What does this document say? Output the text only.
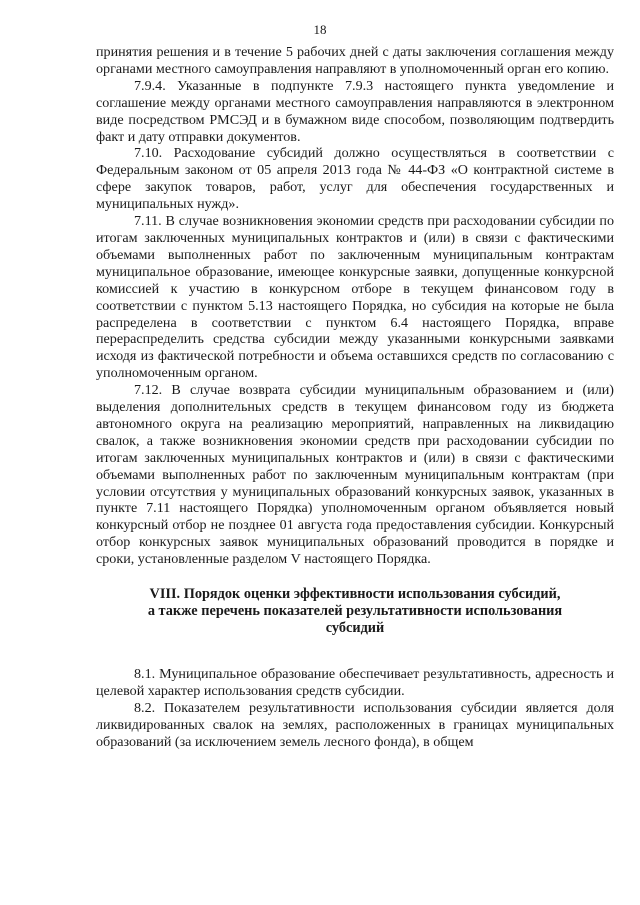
18

принятия решения и в течение 5 рабочих дней с даты заключения соглашения между органами местного самоуправления направляют в уполномоченный орган его копию.

7.9.4. Указанные в подпункте 7.9.3 настоящего пункта уведомление и соглашение между органами местного самоуправления направляются в электронном виде посредством РМСЭД и в бумажном виде способом, позволяющим подтвердить факт и дату отправки документов.

7.10. Расходование субсидий должно осуществляться в соответствии с Федеральным законом от 05 апреля 2013 года № 44-ФЗ «О контрактной системе в сфере закупок товаров, работ, услуг для обеспечения государственных и муниципальных нужд».

7.11. В случае возникновения экономии средств при расходовании субсидии по итогам заключенных муниципальных контрактов и (или) в связи с фактическими объемами выполненных работ по заключенным муниципальным контрактам муниципальное образование, имеющее конкурсные заявки, допущенные конкурсной комиссией к участию в конкурсном отборе в текущем финансовом году в соответствии с пунктом 5.13 настоящего Порядка, но субсидия на которые не была распределена в соответствии с пунктом 6.4 настоящего Порядка, вправе перераспределить средства субсидии между указанными конкурсными заявками исходя из фактической потребности и объема оставшихся средств по согласованию с уполномоченным органом.

7.12. В случае возврата субсидии муниципальным образованием и (или) выделения дополнительных средств в текущем финансовом году из бюджета автономного округа на реализацию мероприятий, направленных на ликвидацию свалок, а также возникновения экономии средств при расходовании субсидии по итогам заключенных муниципальных контрактов и (или) в связи с фактическими объемами выполненных работ по заключенным муниципальным контрактам (при условии отсутствия у муниципальных образований конкурсных заявок, указанных в пункте 7.11 настоящего Порядка) уполномоченным органом объявляется новый конкурсный отбор не позднее 01 августа года предоставления субсидии. Конкурсный отбор конкурсных заявок муниципальных образований проводится в порядке и сроки, установленные разделом V настоящего Порядка.

VIII. Порядок оценки эффективности использования субсидий,
а также перечень показателей результативности использования
субсидий

8.1. Муниципальное образование обеспечивает результативность, адресность и целевой характер использования средств субсидии.

8.2. Показателем результативности использования субсидии является доля ликвидированных свалок на землях, расположенных в границах муниципальных образований (за исключением земель лесного фонда), в общем
